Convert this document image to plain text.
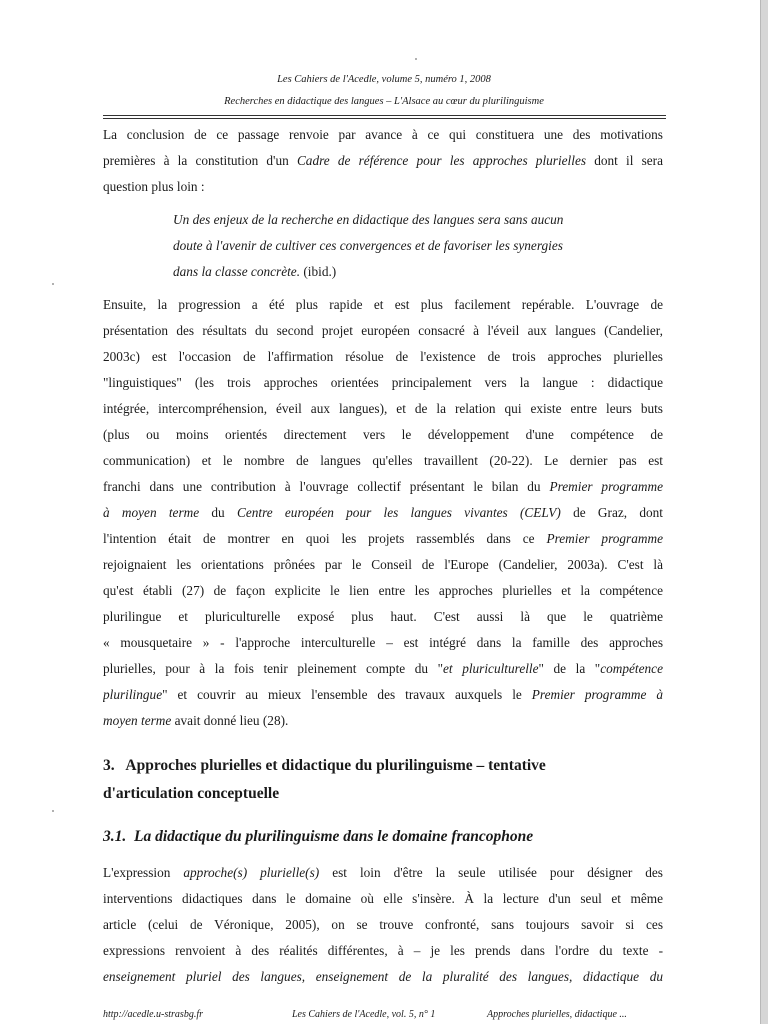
Les Cahiers de l'Acedle, volume 5, numéro 1, 2008
Recherches en didactique des langues – L'Alsace au cœur du plurilinguisme
La conclusion de ce passage renvoie par avance à ce qui constituera une des motivations
premières à la constitution d'un Cadre de référence pour les approches plurielles dont il sera
question plus loin :
Un des enjeux de la recherche en didactique des langues sera sans aucun
doute à l'avenir de cultiver ces convergences et de favoriser les synergies
dans la classe concrète. (ibid.)
Ensuite, la progression a été plus rapide et est plus facilement repérable. L'ouvrage de
présentation des résultats du second projet européen consacré à l'éveil aux langues (Candelier,
2003c) est l'occasion de l'affirmation résolue de l'existence de trois approches plurielles
"linguistiques" (les trois approches orientées principalement vers la langue : didactique
intégrée, intercompréhension, éveil aux langues), et de la relation qui existe entre leurs buts
(plus ou moins orientés directement vers le développement d'une compétence de
communication) et le nombre de langues qu'elles travaillent (20-22). Le dernier pas est
franchi dans une contribution à l'ouvrage collectif présentant le bilan du Premier programme
à moyen terme du Centre européen pour les langues vivantes (CELV) de Graz, dont
l'intention était de montrer en quoi les projets rassemblés dans ce Premier programme
rejoignaient les orientations prônées par le Conseil de l'Europe (Candelier, 2003a). C'est là
qu'est établi (27) de façon explicite le lien entre les approches plurielles et la compétence
plurilingue et pluriculturelle exposé plus haut. C'est aussi là que le quatrième
« mousquetaire » - l'approche interculturelle – est intégré dans la famille des approches
plurielles, pour à la fois tenir pleinement compte du "et pluriculturelle" de la "compétence
plurilingue" et couvrir au mieux l'ensemble des travaux auxquels le Premier programme à
moyen terme avait donné lieu (28).
3.   Approches plurielles et didactique du plurilinguisme – tentative
d'articulation conceptuelle
3.1.  La didactique du plurilinguisme dans le domaine francophone
L'expression approche(s) plurielle(s) est loin d'être la seule utilisée pour désigner des
interventions didactiques dans le domaine où elle s'insère. À la lecture d'un seul et même
article (celui de Véronique, 2005), on se trouve confronté, sans toujours savoir si ces
expressions renvoient à des réalités différentes, à – je les prends dans l'ordre du texte -
enseignement pluriel des langues, enseignement de la pluralité des langues, didactique du
http://acedle.u-strasbg.fr	Les Cahiers de l'Acedle, vol. 5, n° 1	Approches plurielles, didactique ...
